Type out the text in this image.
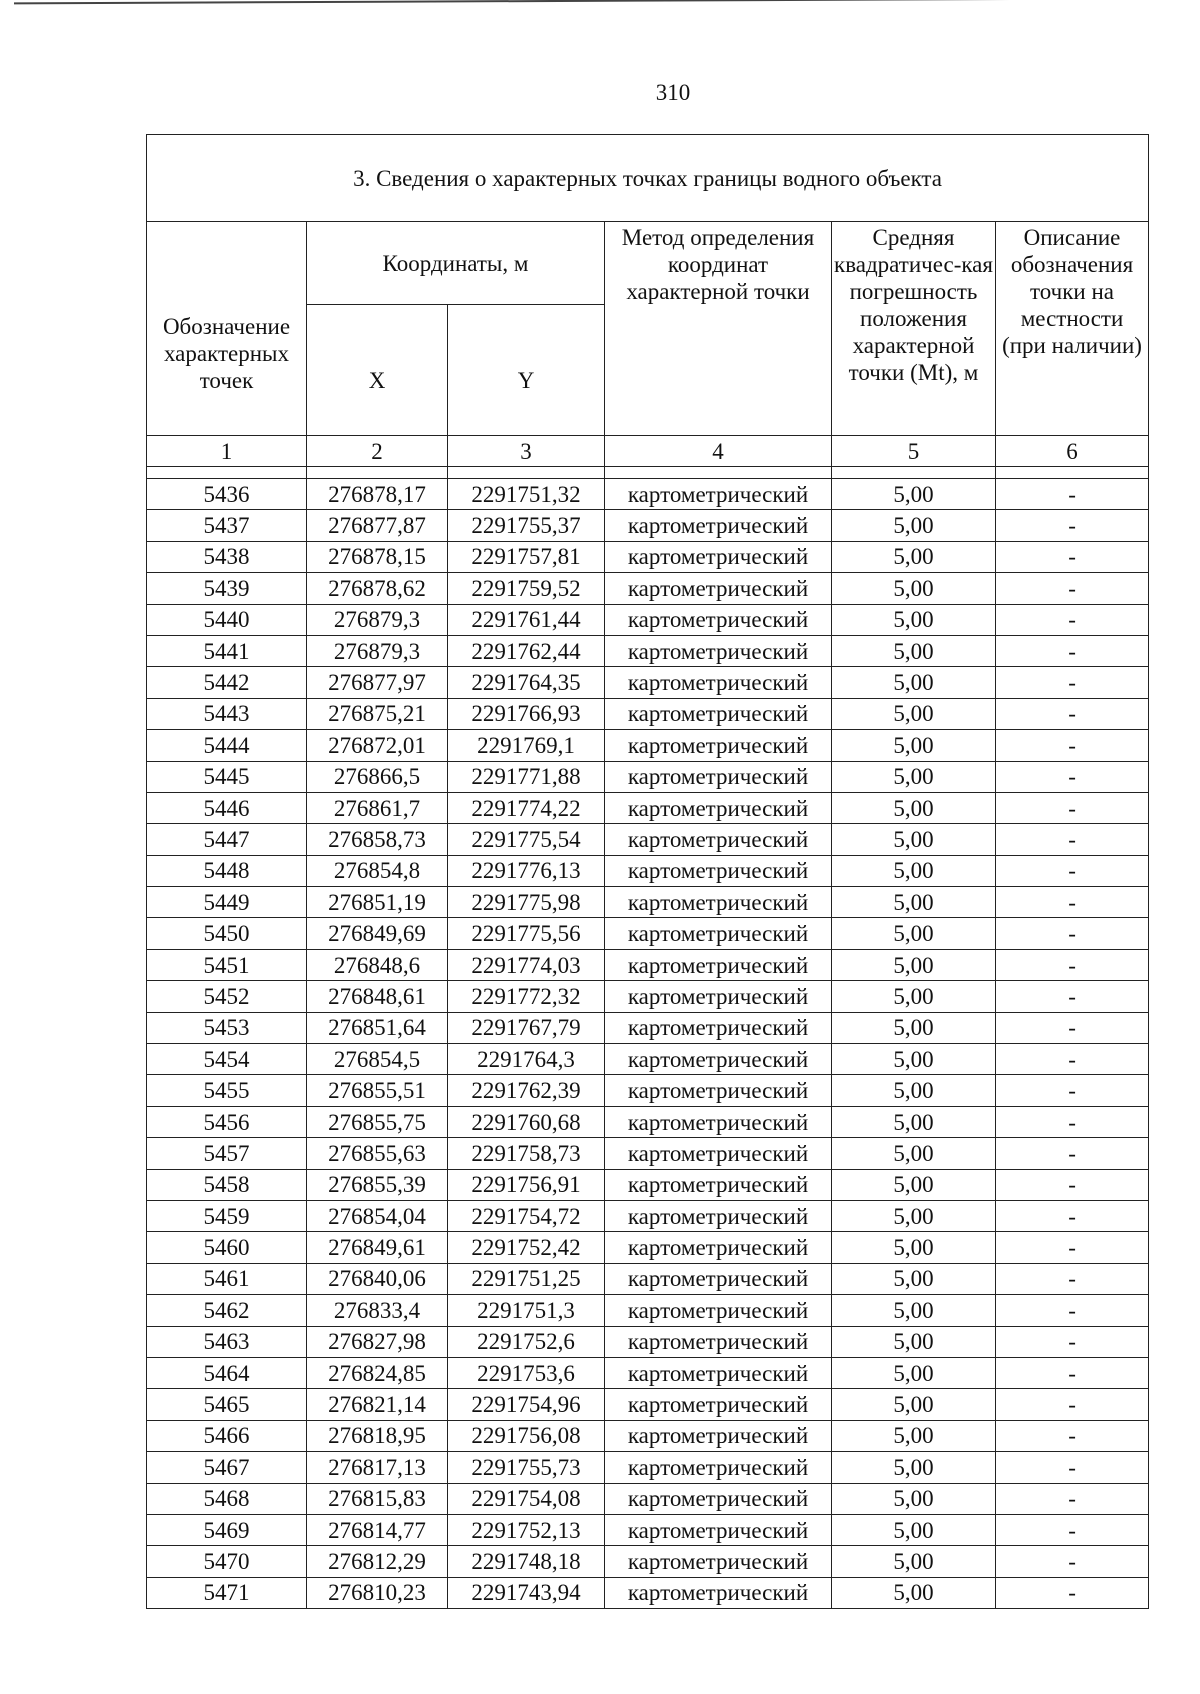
310
3. Сведения о характерных точках границы водного объекта					
Обозначение характерных точек	Координаты, м		Метод определения координат характерной точки	Средняя квадратичес-кая погрешность положения характерной точки (Mt), м	Описание обозначения точки на местности (при наличии)
	X	Y			
1	2	3	4	5	6

5436	276878,17	2291751,32	картометрический	5,00	-
5437	276877,87	2291755,37	картометрический	5,00	-
5438	276878,15	2291757,81	картометрический	5,00	-
5439	276878,62	2291759,52	картометрический	5,00	-
5440	276879,3	2291761,44	картометрический	5,00	-
5441	276879,3	2291762,44	картометрический	5,00	-
5442	276877,97	2291764,35	картометрический	5,00	-
5443	276875,21	2291766,93	картометрический	5,00	-
5444	276872,01	2291769,1	картометрический	5,00	-
5445	276866,5	2291771,88	картометрический	5,00	-
5446	276861,7	2291774,22	картометрический	5,00	-
5447	276858,73	2291775,54	картометрический	5,00	-
5448	276854,8	2291776,13	картометрический	5,00	-
5449	276851,19	2291775,98	картометрический	5,00	-
5450	276849,69	2291775,56	картометрический	5,00	-
5451	276848,6	2291774,03	картометрический	5,00	-
5452	276848,61	2291772,32	картометрический	5,00	-
5453	276851,64	2291767,79	картометрический	5,00	-
5454	276854,5	2291764,3	картометрический	5,00	-
5455	276855,51	2291762,39	картометрический	5,00	-
5456	276855,75	2291760,68	картометрический	5,00	-
5457	276855,63	2291758,73	картометрический	5,00	-
5458	276855,39	2291756,91	картометрический	5,00	-
5459	276854,04	2291754,72	картометрический	5,00	-
5460	276849,61	2291752,42	картометрический	5,00	-
5461	276840,06	2291751,25	картометрический	5,00	-
5462	276833,4	2291751,3	картометрический	5,00	-
5463	276827,98	2291752,6	картометрический	5,00	-
5464	276824,85	2291753,6	картометрический	5,00	-
5465	276821,14	2291754,96	картометрический	5,00	-
5466	276818,95	2291756,08	картометрический	5,00	-
5467	276817,13	2291755,73	картометрический	5,00	-
5468	276815,83	2291754,08	картометрический	5,00	-
5469	276814,77	2291752,13	картометрический	5,00	-
5470	276812,29	2291748,18	картометрический	5,00	-
5471	276810,23	2291743,94	картометрический	5,00	-
